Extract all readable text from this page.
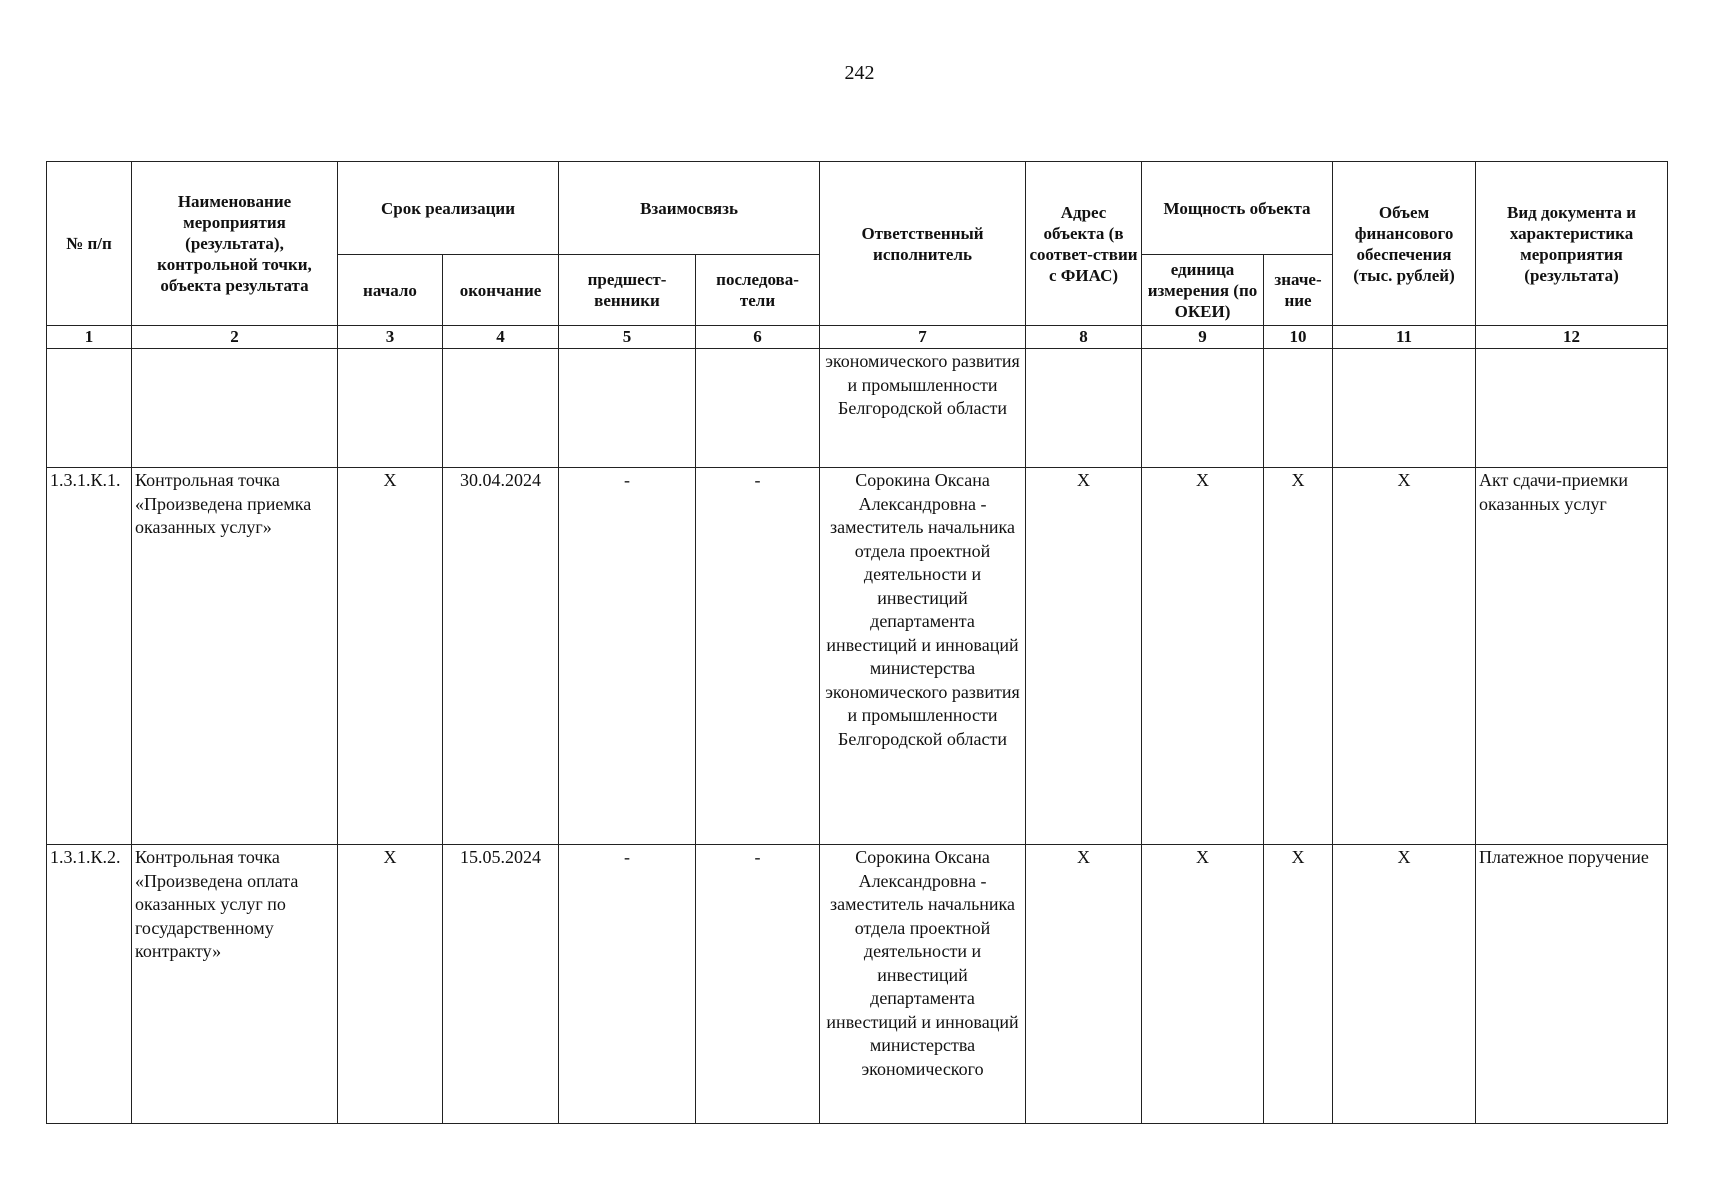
242
№ п/п	Наименование мероприятия (результата), контрольной точки, объекта результата	Срок реализации		Взаимосвязь		Ответственный исполнитель	Адрес объекта (в соответ-ствии с ФИАС)	Мощность объекта		Объем финансового обеспечения (тыс. рублей)	Вид документа и характеристика мероприятия (результата)
		начало	окончание	предшест-венники	последова-тели			единица измерения (по ОКЕИ)	значе-ние		
1	2	3	4	5	6	7	8	9	10	11	12
						экономического развития и промышленности Белгородской области					
1.3.1.К.1.	Контрольная точка «Произведена приемка оказанных услуг»	X	30.04.2024	-	-	Сорокина Оксана Александровна - заместитель начальника отдела проектной деятельности и инвестиций департамента инвестиций и инноваций министерства экономического развития и промышленности Белгородской области	X	X	X	X	Акт сдачи-приемки оказанных услуг
1.3.1.К.2.	Контрольная точка «Произведена оплата оказанных услуг по государственному контракту»	X	15.05.2024	-	-	Сорокина Оксана Александровна - заместитель начальника отдела проектной деятельности и инвестиций департамента инвестиций и инноваций министерства экономического	X	X	X	X	Платежное поручение
